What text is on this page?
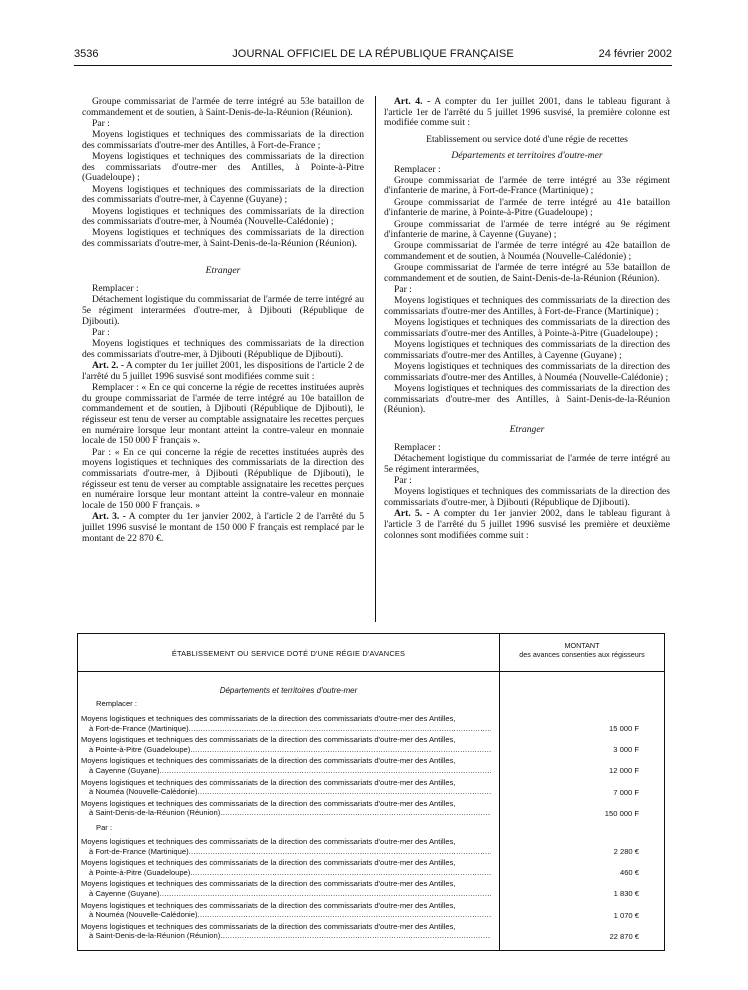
3536	JOURNAL OFFICIEL DE LA RÉPUBLIQUE FRANÇAISE	24 février 2002

Groupe commissariat de l'armée de terre intégré au 53e bataillon de commandement et de soutien, à Saint-Denis-de-la-Réunion (Réunion).

Par :

Moyens logistiques et techniques des commissariats de la direction des commissariats d'outre-mer des Antilles, à Fort-de-France ;

Moyens logistiques et techniques des commissariats de la direction des commissariats d'outre-mer des Antilles, à Pointe-à-Pitre (Guadeloupe) ;

Moyens logistiques et techniques des commissariats de la direction des commissariats d'outre-mer, à Cayenne (Guyane) ;

Moyens logistiques et techniques des commissariats de la direction des commissariats d'outre-mer, à Nouméa (Nouvelle-Calédonie) ;

Moyens logistiques et techniques des commissariats de la direction des commissariats d'outre-mer, à Saint-Denis-de-la-Réunion (Réunion).

Etranger

Remplacer :

Détachement logistique du commissariat de l'armée de terre intégré au 5e régiment interarmées d'outre-mer, à Djibouti (République de Djibouti).

Par :

Moyens logistiques et techniques des commissariats de la direction des commissariats d'outre-mer, à Djibouti (République de Djibouti).

Art. 2. - A compter du 1er juillet 2001, les dispositions de l'article 2 de l'arrêté du 5 juillet 1996 susvisé sont modifiées comme suit :

Remplacer : « En ce qui concerne la régie de recettes instituées auprès du groupe commissariat de l'armée de terre intégré au 10e bataillon de commandement et de soutien, à Djibouti (République de Djibouti), le régisseur est tenu de verser au comptable assignataire les recettes perçues en numéraire lorsque leur montant atteint la contre-valeur en monnaie locale de 150 000 F français ».

Par : « En ce qui concerne la régie de recettes instituées auprès des moyens logistiques et techniques des commissariats de la direction des commissariats d'outre-mer, à Djibouti (République de Djibouti), le régisseur est tenu de verser au comptable assignataire les recettes perçues en numéraire lorsque leur montant atteint la contre-valeur en monnaie locale de 150 000 F français. »

Art. 3. - A compter du 1er janvier 2002, à l'article 2 de l'arrêté du 5 juillet 1996 susvisé le montant de 150 000 F français est remplacé par le montant de 22 870 €.

Art. 4. - A compter du 1er juillet 2001, dans le tableau figurant à l'article 1er de l'arrêté du 5 juillet 1996 susvisé, la première colonne est modifiée comme suit :

Etablissement ou service doté d'une régie de recettes

Départements et territoires d'outre-mer

Remplacer :

Groupe commissariat de l'armée de terre intégré au 33e régiment d'infanterie de marine, à Fort-de-France (Martinique) ;

Groupe commissariat de l'armée de terre intégré au 41e bataillon d'infanterie de marine, à Pointe-à-Pitre (Guadeloupe) ;

Groupe commissariat de l'armée de terre intégré au 9e régiment d'infanterie de marine, à Cayenne (Guyane) ;

Groupe commissariat de l'armée de terre intégré au 42e bataillon de commandement et de soutien, à Nouméa (Nouvelle-Calédonie) ;

Groupe commissariat de l'armée de terre intégré au 53e bataillon de commandement et de soutien, de Saint-Denis-de-la-Réunion (Réunion).

Par :

Moyens logistiques et techniques des commissariats de la direction des commissariats d'outre-mer des Antilles, à Fort-de-France (Martinique) ;

Moyens logistiques et techniques des commissariats de la direction des commissariats d'outre-mer des Antilles, à Pointe-à-Pitre (Guadeloupe) ;

Moyens logistiques et techniques des commissariats de la direction des commissariats d'outre-mer des Antilles, à Cayenne (Guyane) ;

Moyens logistiques et techniques des commissariats de la direction des commissariats d'outre-mer des Antilles, à Nouméa (Nouvelle-Calédonie) ;

Moyens logistiques et techniques des commissariats de la direction des commissariats d'outre-mer des Antilles, à Saint-Denis-de-la-Réunion (Réunion).

Etranger

Remplacer :

Détachement logistique du commissariat de l'armée de terre intégré au 5e régiment interarmées,

Par :

Moyens logistiques et techniques des commissariats de la direction des commissariats d'outre-mer, à Djibouti (République de Djibouti).

Art. 5. - A compter du 1er janvier 2002, dans le tableau figurant à l'article 3 de l'arrêté du 5 juillet 1996 susvisé les première et deuxième colonnes sont modifiées comme suit :

ÉTABLISSEMENT OU SERVICE DOTÉ D'UNE RÉGIE D'AVANCES
MONTANT
des avances consenties aux régisseurs
Départements et territoires d'outre-mer
Remplacer :
Par :
Moyens logistiques et techniques des commissariats de la direction des commissariats d'outre-mer des Antilles,
à Fort-de-France (Martinique) .....	15 000 F
Moyens logistiques et techniques des commissariats de la direction des commissariats d'outre-mer des Antilles,
à Pointe-à-Pitre (Guadeloupe) .....	3 000 F
Moyens logistiques et techniques des commissariats de la direction des commissariats d'outre-mer des Antilles,
à Cayenne (Guyane) .....	12 000 F
Moyens logistiques et techniques des commissariats de la direction des commissariats d'outre-mer des Antilles,
à Nouméa (Nouvelle-Calédonie) .....	7 000 F
Moyens logistiques et techniques des commissariats de la direction des commissariats d'outre-mer des Antilles,
à Saint-Denis-de-la-Réunion (Réunion) .....	150 000 F
Moyens logistiques et techniques des commissariats de la direction des commissariats d'outre-mer des Antilles,
à Fort-de-France (Martinique) .....	2 280 €
Moyens logistiques et techniques des commissariats de la direction des commissariats d'outre-mer des Antilles,
à Pointe-à-Pitre (Guadeloupe) .....	460 €
Moyens logistiques et techniques des commissariats de la direction des commissariats d'outre-mer des Antilles,
à Cayenne (Guyane) .....	1 830 €
Moyens logistiques et techniques des commissariats de la direction des commissariats d'outre-mer des Antilles,
à Nouméa (Nouvelle-Calédonie) .....	1 070 €
Moyens logistiques et techniques des commissariats de la direction des commissariats d'outre-mer des Antilles,
à Saint-Denis-de-la-Réunion (Réunion) .....	22 870 €
